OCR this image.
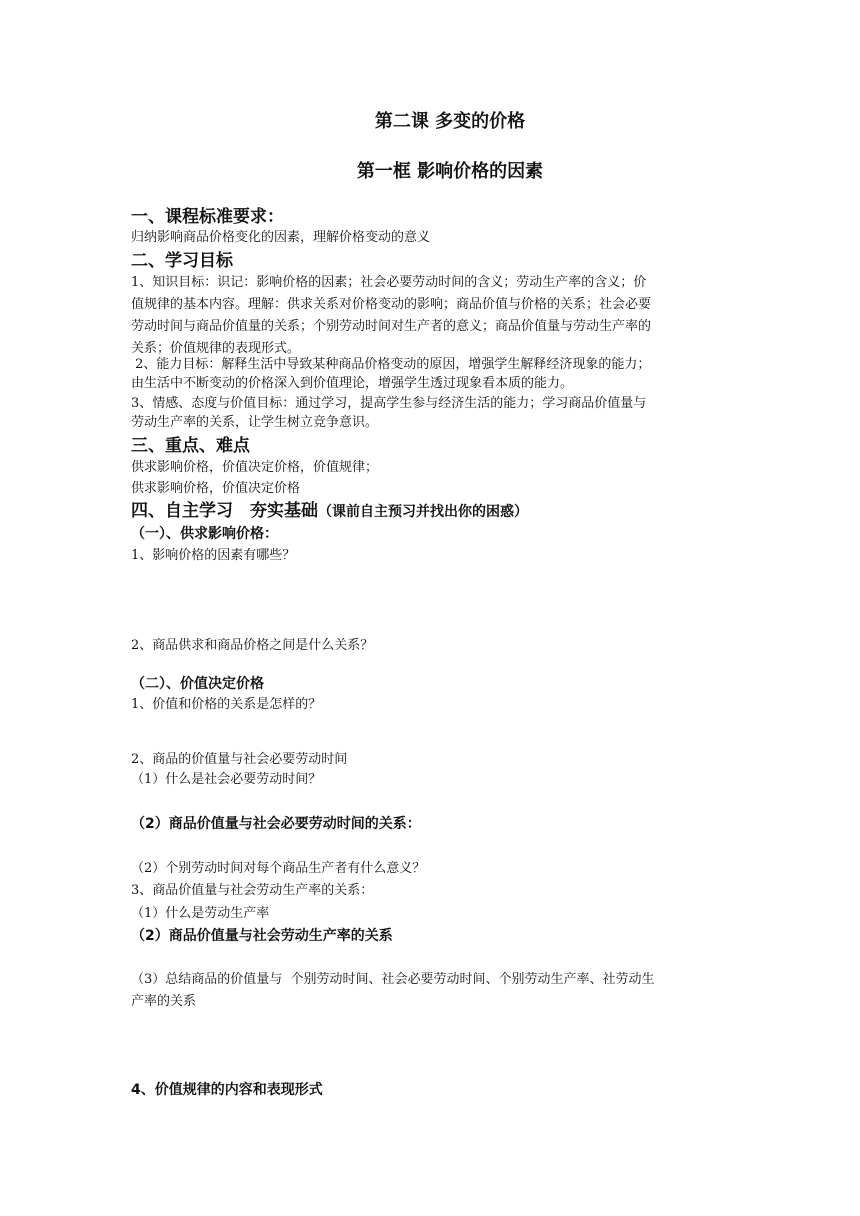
第二课 多变的价格
第一框 影响价格的因素
一、课程标准要求：
归纳影响商品价格变化的因素，理解价格变动的意义
二、学习目标
1、知识目标：识记：影响价格的因素；社会必要劳动时间的含义；劳动生产率的含义；价
值规律的基本内容。理解：供求关系对价格变动的影响；商品价值与价格的关系；社会必要
劳动时间与商品价值量的关系；个别劳动时间对生产者的意义；商品价值量与劳动生产率的
关系；价值规律的表现形式。
2、能力目标：解释生活中导致某种商品价格变动的原因，增强学生解释经济现象的能力；
由生活中不断变动的价格深入到价值理论，增强学生透过现象看本质的能力。
3、情感、态度与价值目标：通过学习，提高学生参与经济生活的能力；学习商品价值量与
劳动生产率的关系，让学生树立竞争意识。
三、重点、难点
供求影响价格，价值决定价格，价值规律；
供求影响价格，价值决定价格
四、自主学习　夯实基础（课前自主预习并找出你的困惑）
（一）、供求影响价格：
1、影响价格的因素有哪些？
2、商品供求和商品价格之间是什么关系？
（二）、价值决定价格
1、价值和价格的关系是怎样的？
2、商品的价值量与社会必要劳动时间
（1）什么是社会必要劳动时间？
（2）商品价值量与社会必要劳动时间的关系：
（2）个别劳动时间对每个商品生产者有什么意义？
3、商品价值量与社会劳动生产率的关系：
（1）什么是劳动生产率
（2）商品价值量与社会劳动生产率的关系
（3）总结商品的价值量与  个别劳动时间、社会必要劳动时间、个别劳动生产率、社劳动生
产率的关系
4、价值规律的内容和表现形式
